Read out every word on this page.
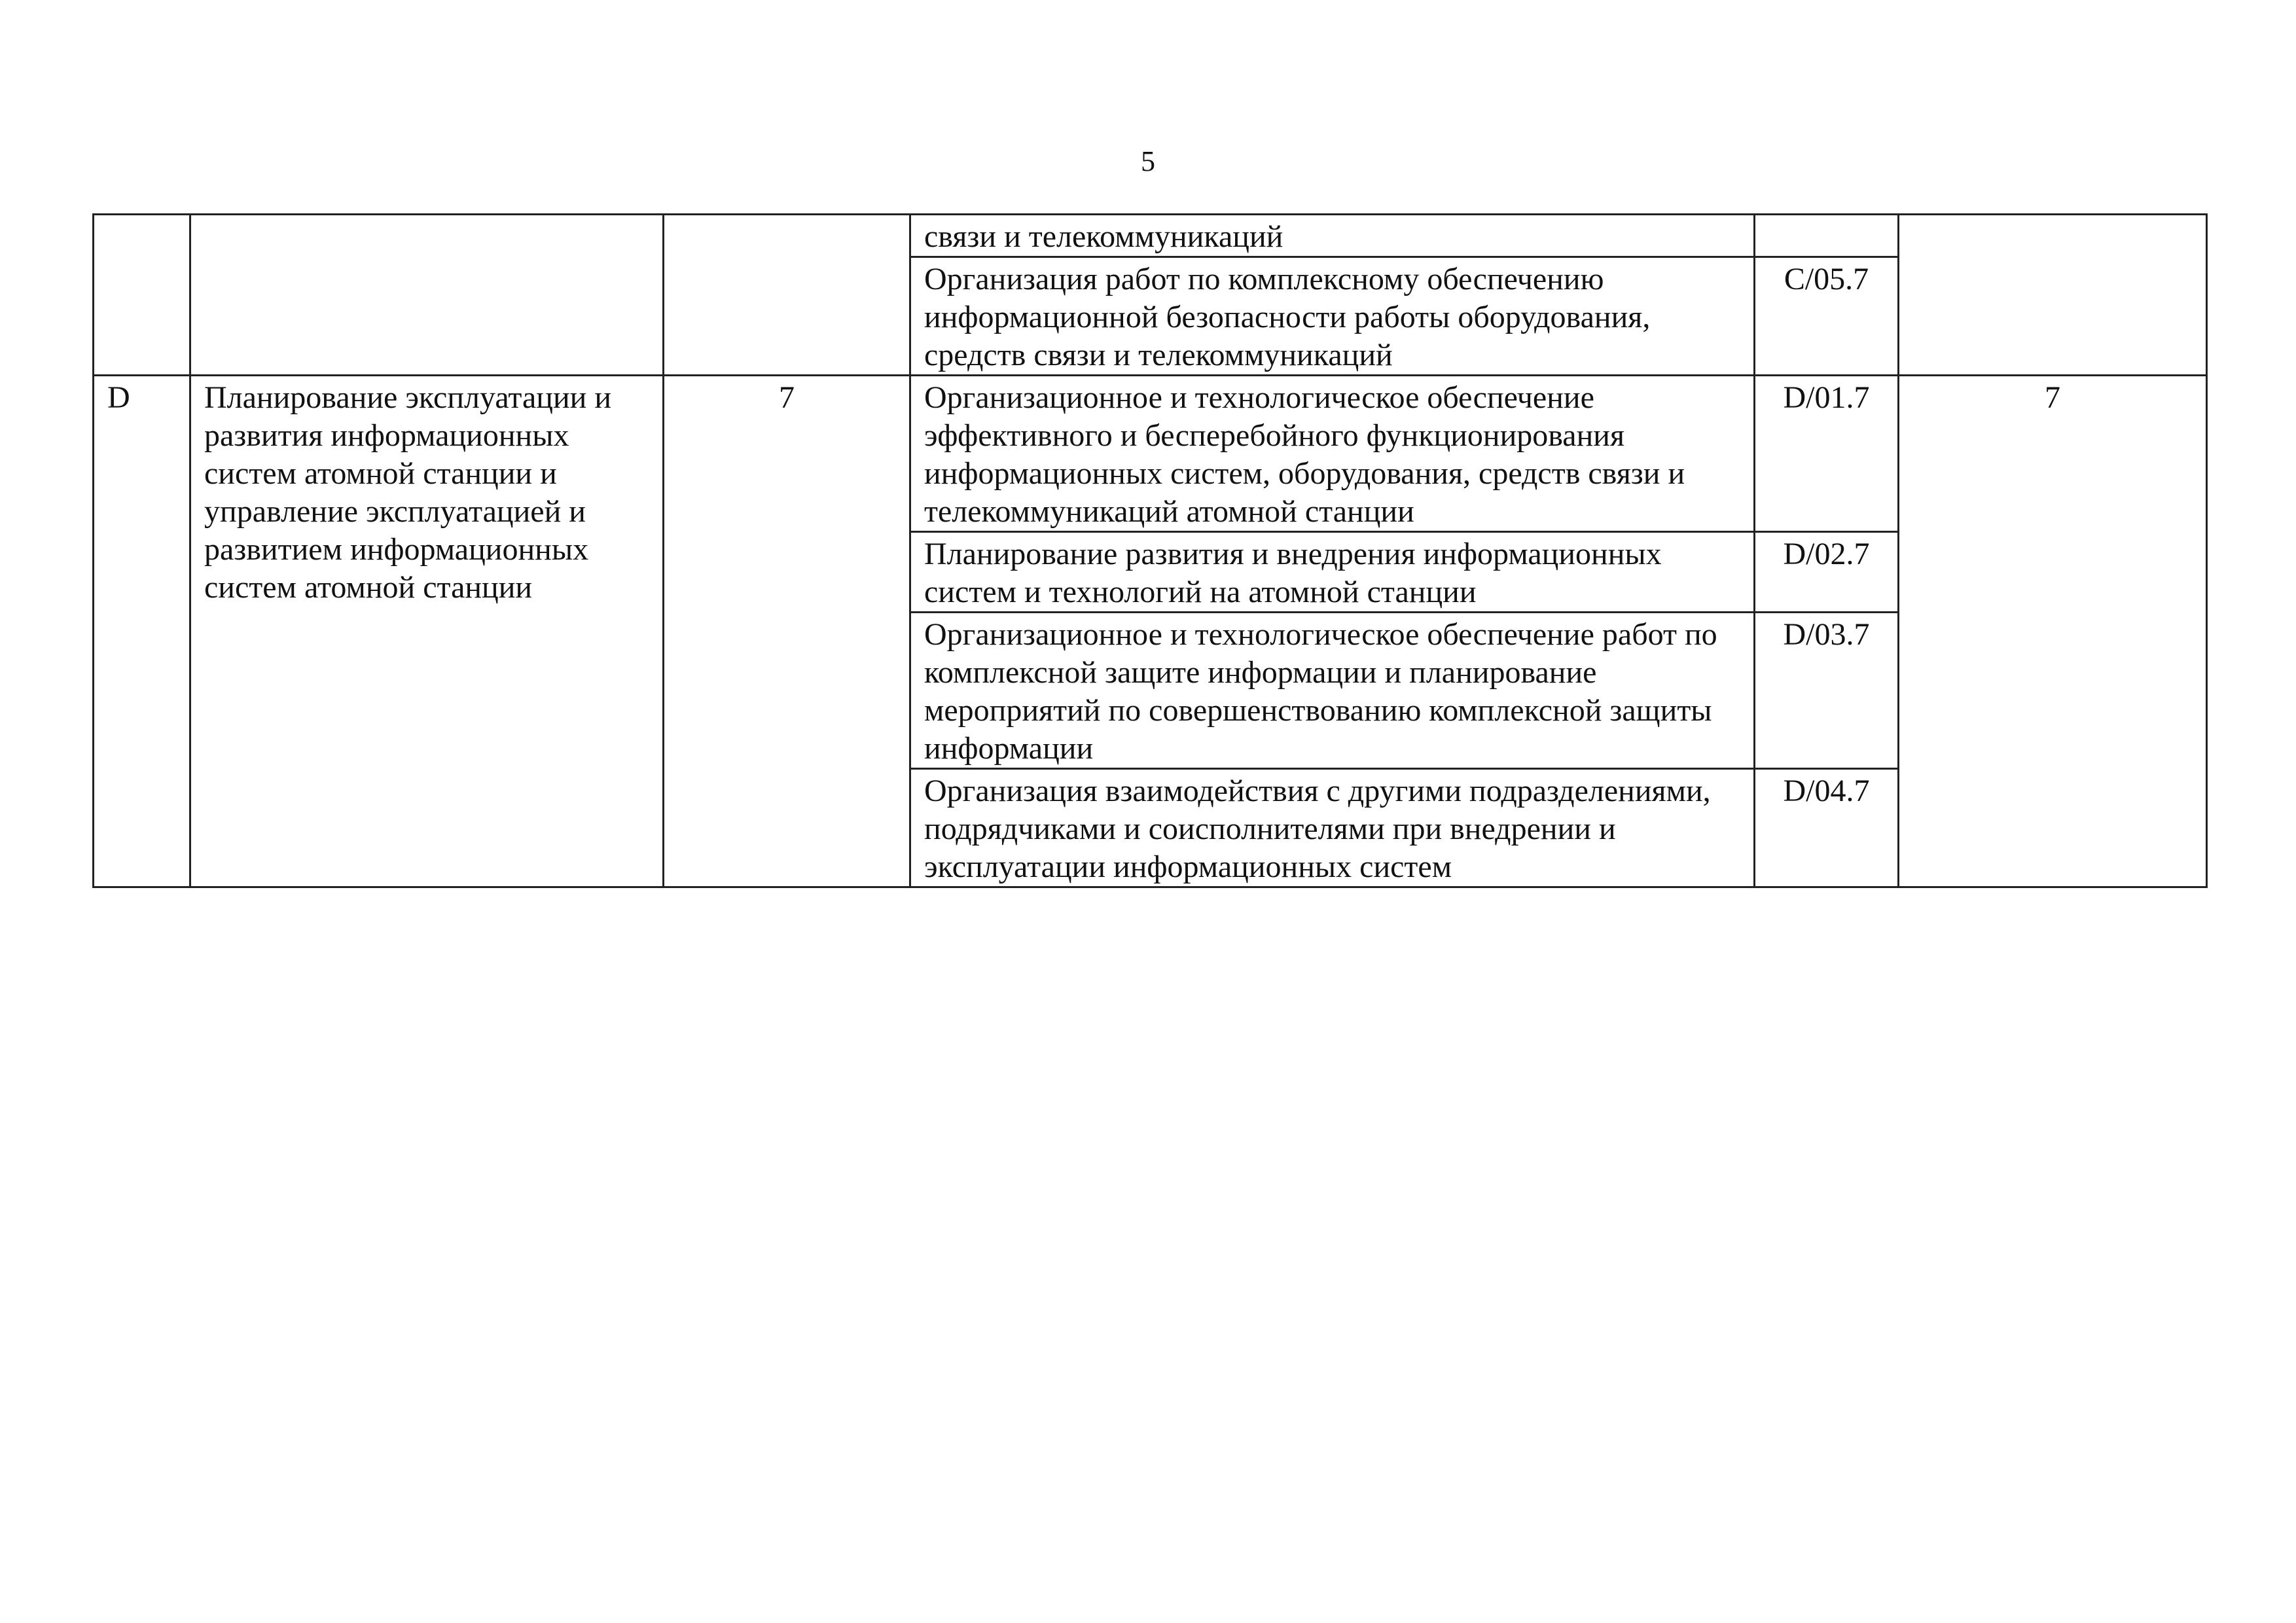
5

			связи и телекоммуникаций		

			Организация работ по комплексному обеспечению информационной безопасности работы оборудования, средств связи и телекоммуникаций	C/05.7	

D	Планирование эксплуатации и развития информационных систем атомной станции и управление эксплуатацией и развитием информационных систем атомной станции	7	Организационное и технологическое обеспечение эффективного и бесперебойного функционирования информационных систем, оборудования, средств связи и телекоммуникаций атомной станции	D/01.7	7

			Планирование развития и внедрения информационных систем и технологий на атомной станции	D/02.7	

			Организационное и технологическое обеспечение работ по комплексной защите информации и планирование мероприятий по совершенствованию комплексной защиты информации	D/03.7	

			Организация взаимодействия с другими подразделениями, подрядчиками и соисполнителями при внедрении и эксплуатации информационных систем	D/04.7	
